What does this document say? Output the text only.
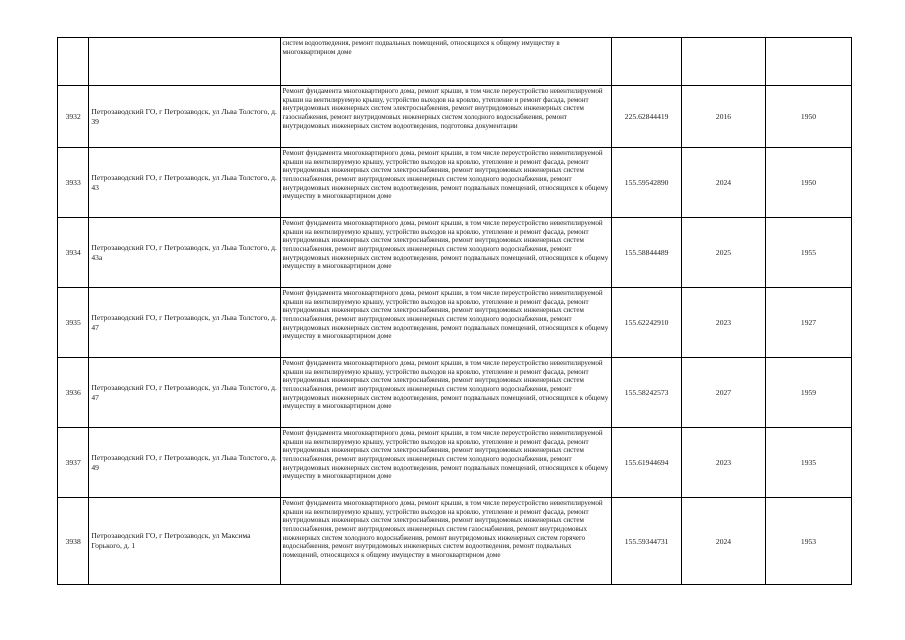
		систем водоотведения, ремонт подвальных помещений, относящихся к общему имуществу в многоквартирном доме			
3932	Петрозаводский ГО, г Петрозаводск, ул Льва Толстого, д. 39	Ремонт фундамента многоквартирного дома, ремонт крыши, в том числе переустройство невентилируемой крыши на вентилируемую крышу, устройство выходов на кровлю, утепление и ремонт фасада, ремонт внутридомовых инженерных систем электроснабжения, ремонт внутридомовых инженерных систем газоснабжения, ремонт внутридомовых инженерных систем холодного водоснабжения, ремонт внутридомовых инженерных систем водоотведения, подготовка документации	225.62844419	2016	1950
3933	Петрозаводский ГО, г Петрозаводск, ул Льва Толстого, д. 43	Ремонт фундамента многоквартирного дома, ремонт крыши, в том числе переустройство невентилируемой крыши на вентилируемую крышу, устройство выходов на кровлю, утепление и ремонт фасада, ремонт внутридомовых инженерных систем электроснабжения, ремонт внутридомовых инженерных систем теплоснабжения, ремонт внутридомовых инженерных систем холодного водоснабжения, ремонт внутридомовых инженерных систем водоотведения, ремонт подвальных помещений, относящихся к общему имуществу в многоквартирном доме	155.59542890	2024	1950
3934	Петрозаводский ГО, г Петрозаводск, ул Льва Толстого, д. 43а	Ремонт фундамента многоквартирного дома, ремонт крыши, в том числе переустройство невентилируемой крыши на вентилируемую крышу, устройство выходов на кровлю, утепление и ремонт фасада, ремонт внутридомовых инженерных систем электроснабжения, ремонт внутридомовых инженерных систем теплоснабжения, ремонт внутридомовых инженерных систем холодного водоснабжения, ремонт внутридомовых инженерных систем водоотведения, ремонт подвальных помещений, относящихся к общему имуществу в многоквартирном доме	155.58844489	2025	1955
3935	Петрозаводский ГО, г Петрозаводск, ул Льва Толстого, д. 47	Ремонт фундамента многоквартирного дома, ремонт крыши, в том числе переустройство невентилируемой крыши на вентилируемую крышу, устройство выходов на кровлю, утепление и ремонт фасада, ремонт внутридомовых инженерных систем электроснабжения, ремонт внутридомовых инженерных систем теплоснабжения, ремонт внутридомовых инженерных систем холодного водоснабжения, ремонт внутридомовых инженерных систем водоотведения, ремонт подвальных помещений, относящихся к общему имуществу в многоквартирном доме	155.62242910	2023	1927
3936	Петрозаводский ГО, г Петрозаводск, ул Льва Толстого, д. 47	Ремонт фундамента многоквартирного дома, ремонт крыши, в том числе переустройство невентилируемой крыши на вентилируемую крышу, устройство выходов на кровлю, утепление и ремонт фасада, ремонт внутридомовых инженерных систем электроснабжения, ремонт внутридомовых инженерных систем теплоснабжения, ремонт внутридомовых инженерных систем холодного водоснабжения, ремонт внутридомовых инженерных систем водоотведения, ремонт подвальных помещений, относящихся к общему имуществу в многоквартирном доме	155.58242573	2027	1959
3937	Петрозаводский ГО, г Петрозаводск, ул Льва Толстого, д. 49	Ремонт фундамента многоквартирного дома, ремонт крыши, в том числе переустройство невентилируемой крыши на вентилируемую крышу, устройство выходов на кровлю, утепление и ремонт фасада, ремонт внутридомовых инженерных систем электроснабжения, ремонт внутридомовых инженерных систем теплоснабжения, ремонт внутридомовых инженерных систем холодного водоснабжения, ремонт внутридомовых инженерных систем водоотведения, ремонт подвальных помещений, относящихся к общему имуществу в многоквартирном доме	155.61944694	2023	1935
3938	Петрозаводский ГО, г Петрозаводск, ул Максима Горького, д. 1	Ремонт фундамента многоквартирного дома, ремонт крыши, в том числе переустройство невентилируемой крыши на вентилируемую крышу, устройство выходов на кровлю, утепление и ремонт фасада, ремонт внутридомовых инженерных систем электроснабжения, ремонт внутридомовых инженерных систем теплоснабжения, ремонт внутридомовых инженерных систем газоснабжения, ремонт внутридомовых инженерных систем холодного водоснабжения, ремонт внутридомовых инженерных систем горячего водоснабжения, ремонт внутридомовых инженерных систем водоотведения, ремонт подвальных помещений, относящихся к общему имуществу в многоквартирном доме	155.59344731	2024	1953
